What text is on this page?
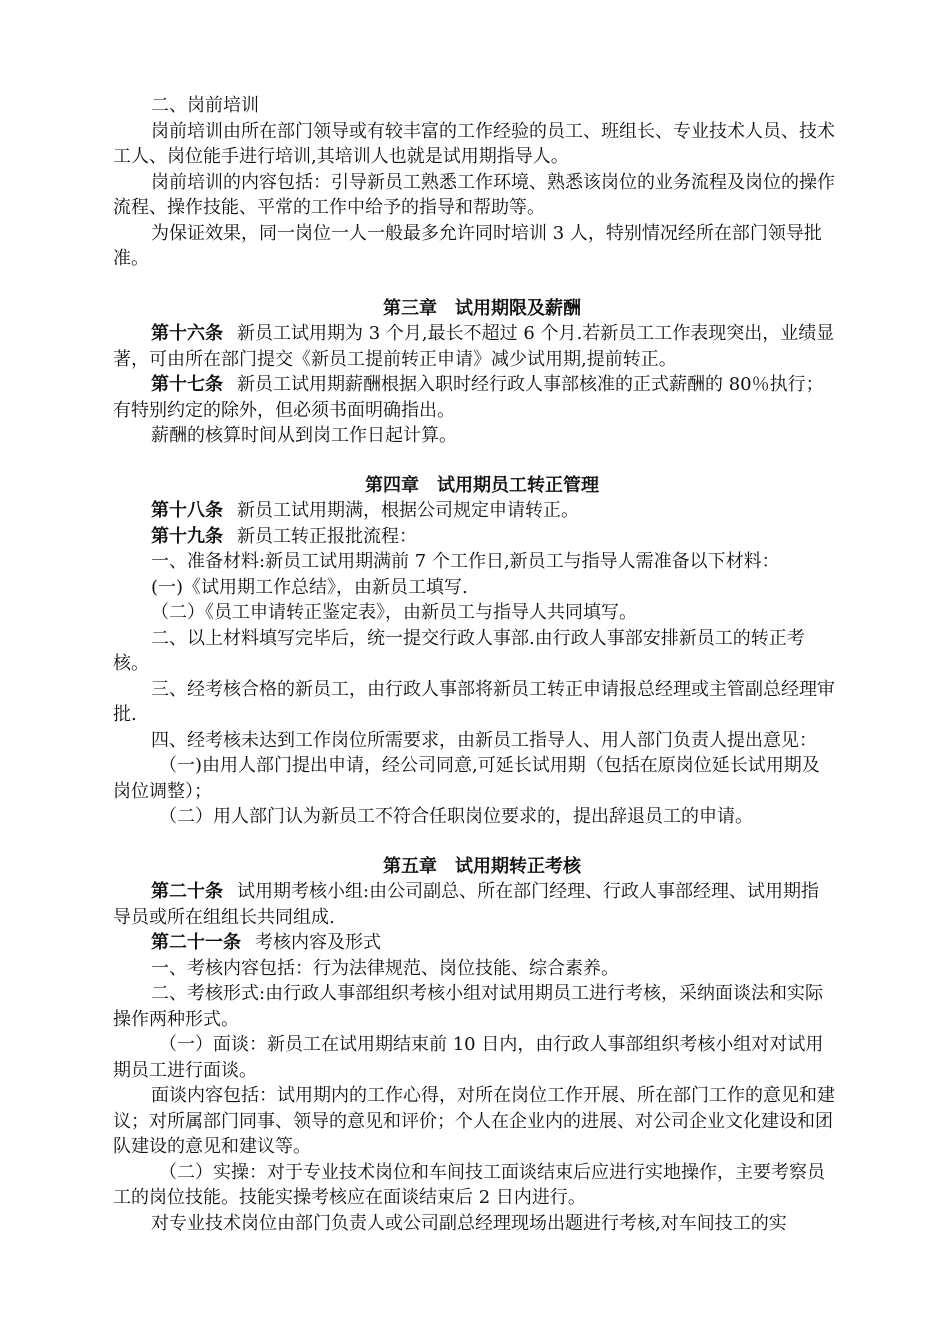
二、岗前培训

岗前培训由所在部门领导或有较丰富的工作经验的员工、班组长、专业技术人员、技术工人、岗位能手进行培训,其培训人也就是试用期指导人。

岗前培训的内容包括：引导新员工熟悉工作环境、熟悉该岗位的业务流程及岗位的操作流程、操作技能、平常的工作中给予的指导和帮助等。

为保证效果，同一岗位一人一般最多允许同时培训 3 人，特别情况经所在部门领导批准。

第三章　试用期限及薪酬

第十六条 新员工试用期为 3 个月,最长不超过 6 个月.若新员工工作表现突出，业绩显著，可由所在部门提交《新员工提前转正申请》减少试用期,提前转正。

第十七条 新员工试用期薪酬根据入职时经行政人事部核准的正式薪酬的 80％执行；有特别约定的除外，但必须书面明确指出。

薪酬的核算时间从到岗工作日起计算。

第四章　试用期员工转正管理

第十八条 新员工试用期满，根据公司规定申请转正。

第十九条 新员工转正报批流程：

一、准备材料:新员工试用期满前 7 个工作日,新员工与指导人需准备以下材料：

(一)《试用期工作总结》，由新员工填写.

（二）《员工申请转正鉴定表》，由新员工与指导人共同填写。

二、以上材料填写完毕后，统一提交行政人事部.由行政人事部安排新员工的转正考核。

三、经考核合格的新员工，由行政人事部将新员工转正申请报总经理或主管副总经理审批.

四、经考核未达到工作岗位所需要求，由新员工指导人、用人部门负责人提出意见：

（一)由用人部门提出申请，经公司同意,可延长试用期（包括在原岗位延长试用期及岗位调整）；

（二）用人部门认为新员工不符合任职岗位要求的，提出辞退员工的申请。

第五章　试用期转正考核

第二十条 试用期考核小组:由公司副总、所在部门经理、行政人事部经理、试用期指导员或所在组组长共同组成.

第二十一条 考核内容及形式

一、考核内容包括：行为法律规范、岗位技能、综合素养。

二、考核形式:由行政人事部组织考核小组对试用期员工进行考核，采纳面谈法和实际操作两种形式。

（一）面谈：新员工在试用期结束前 10 日内，由行政人事部组织考核小组对对试用期员工进行面谈。

面谈内容包括：试用期内的工作心得，对所在岗位工作开展、所在部门工作的意见和建议；对所属部门同事、领导的意见和评价；个人在企业内的进展、对公司企业文化建设和团队建设的意见和建议等。

（二）实操：对于专业技术岗位和车间技工面谈结束后应进行实地操作，主要考察员工的岗位技能。技能实操考核应在面谈结束后 2 日内进行。

对专业技术岗位由部门负责人或公司副总经理现场出题进行考核,对车间技工的实
